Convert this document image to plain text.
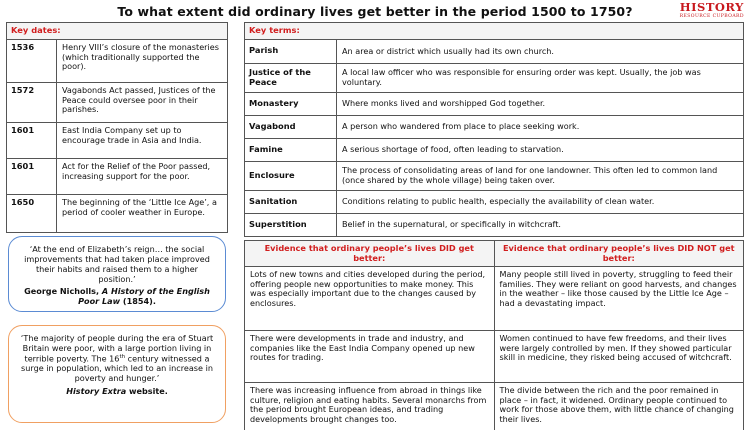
To what extent did ordinary lives get better in the period 1500 to 1750?	HISTORY
RESOURCE CUPBOARD
Key dates:	
1536	Henry VIII’s closure of the monasteries (which traditionally supported the poor).
1572	Vagabonds Act passed, Justices of the Peace could oversee poor in their parishes.
1601	East India Company set up to encourage trade in Asia and India.
1601	Act for the Relief of the Poor passed, increasing support for the poor.
1650	The beginning of the ‘Little Ice Age’, a period of cooler weather in Europe.
Key terms:	
Parish	An area or district which usually had its own church.
Justice of the Peace	A local law officer who was responsible for ensuring order was kept. Usually, the job was voluntary.
Monastery	Where monks lived and worshipped God together.
Vagabond	A person who wandered from place to place seeking work.
Famine	A serious shortage of food, often leading to starvation.
Enclosure	The process of consolidating areas of land for one landowner. This often led to common land (once shared by the whole village) being taken over.
Sanitation	Conditions relating to public health, especially the availability of clean water.
Superstition	Belief in the supernatural, or specifically in witchcraft.
Evidence that ordinary people’s lives DID get better:	Evidence that ordinary people’s lives DID NOT get better:
Lots of new towns and cities developed during the period, offering people new opportunities to make money. This was especially important due to the changes caused by enclosures.	Many people still lived in poverty, struggling to feed their families. They were reliant on good harvests, and changes in the weather – like those caused by the Little Ice Age – had a devastating impact.
There were developments in trade and industry, and companies like the East India Company opened up new routes for trading.	Women continued to have few freedoms, and their lives were largely controlled by men. If they showed particular skill in medicine, they risked being accused of witchcraft.
There was increasing influence from abroad in things like culture, religion and eating habits. Several monarchs from the period brought European ideas, and trading developments brought changes too.	The divide between the rich and the poor remained in place – in fact, it widened. Ordinary people continued to work for those above them, with little chance of changing their lives.
‘At the end of Elizabeth’s reign… the social improvements that had taken place improved their habits and raised them to a higher position.’
George Nicholls, A History of the English Poor Law (1854).
‘The majority of people during the era of Stuart Britain were poor, with a large portion living in terrible poverty. The 16th century witnessed a surge in population, which led to an increase in poverty and hunger.’
History Extra website.
